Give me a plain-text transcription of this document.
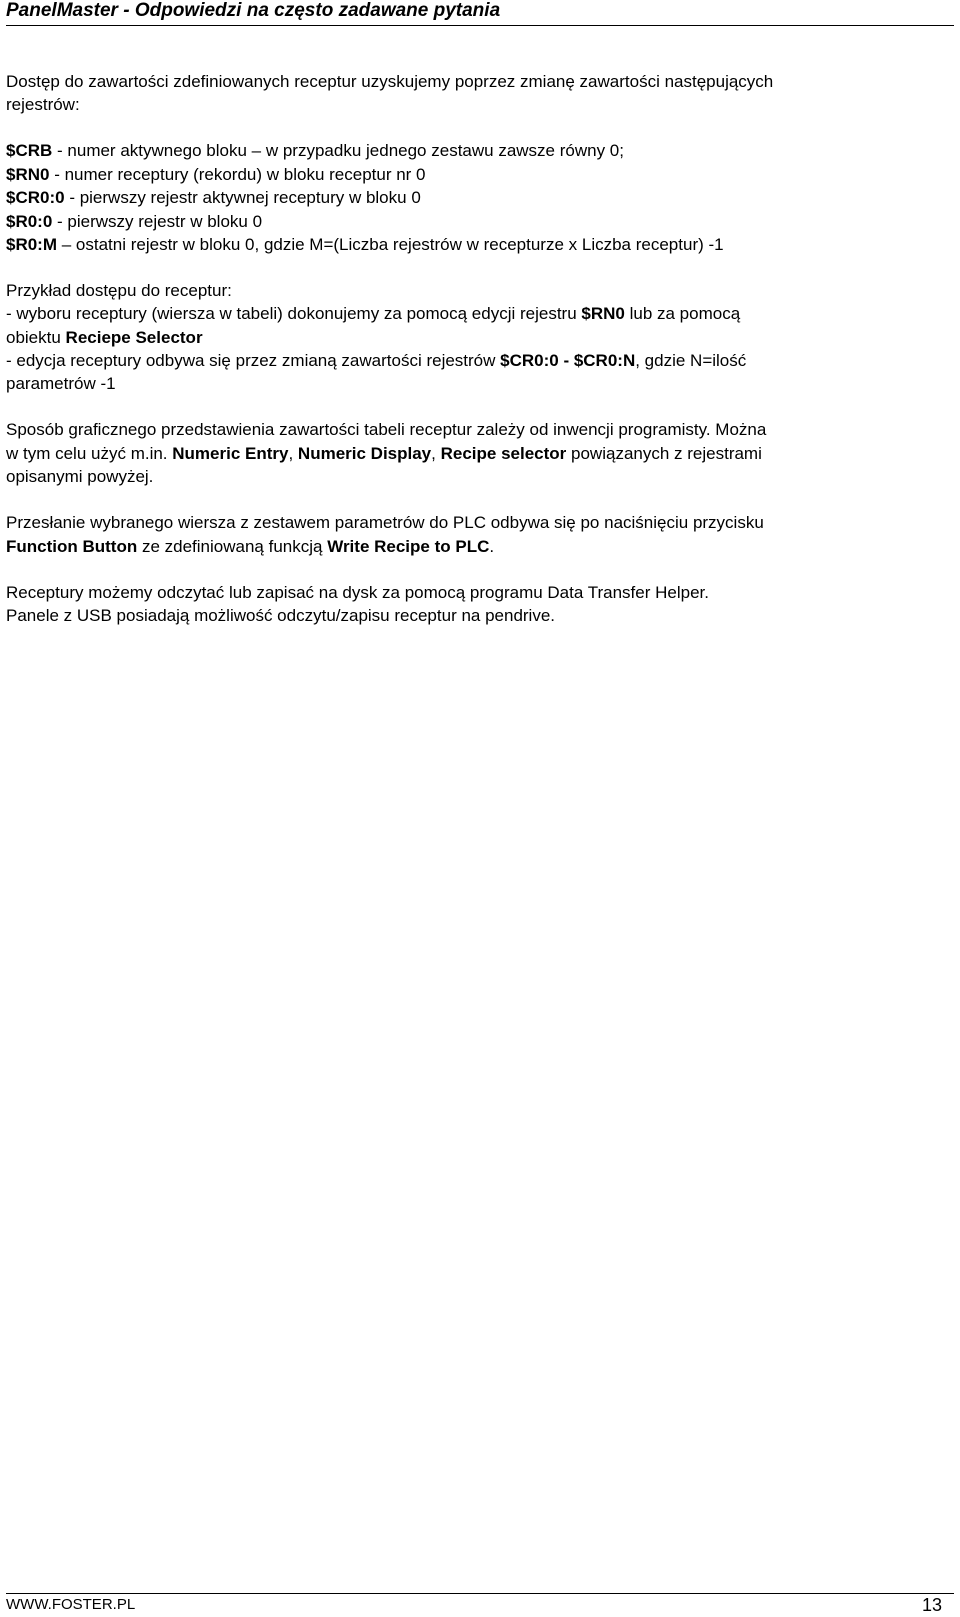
PanelMaster - Odpowiedzi na często zadawane pytania
Dostęp do zawartości zdefiniowanych receptur uzyskujemy poprzez zmianę zawartości następujących
rejestrów:
$CRB - numer aktywnego bloku – w przypadku jednego zestawu zawsze równy 0;
$RN0 - numer receptury (rekordu) w bloku receptur nr 0
$CR0:0 - pierwszy rejestr aktywnej receptury w bloku 0
$R0:0 - pierwszy rejestr w bloku 0
$R0:M – ostatni rejestr w bloku 0, gdzie M=(Liczba rejestrów w recepturze x Liczba receptur) -1
Przykład dostępu do receptur:
- wyboru receptury (wiersza w tabeli) dokonujemy za pomocą edycji rejestru $RN0 lub za pomocą
obiektu Reciepe Selector
- edycja receptury odbywa się przez zmianą zawartości rejestrów $CR0:0 - $CR0:N, gdzie N=ilość
parametrów -1
Sposób graficznego przedstawienia zawartości tabeli receptur zależy od inwencji programisty. Można
w tym celu użyć m.in. Numeric Entry, Numeric Display, Recipe selector powiązanych z rejestrami
opisanymi powyżej.
Przesłanie wybranego wiersza z zestawem parametrów do PLC odbywa się po naciśnięciu przycisku
Function Button ze zdefiniowaną funkcją Write Recipe to PLC.
Receptury możemy odczytać lub zapisać na dysk za pomocą programu Data Transfer Helper.
Panele z USB posiadają możliwość odczytu/zapisu receptur na pendrive.
WWW.FOSTER.PL	13
